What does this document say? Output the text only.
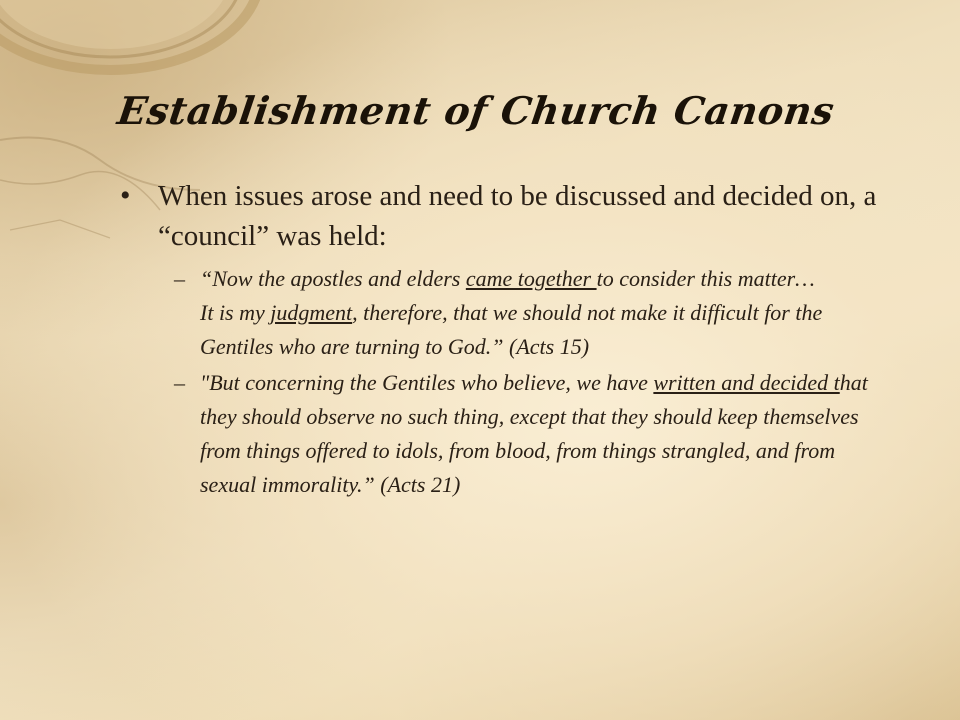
Establishment of Church Canons
• When issues arose and need to be discussed and decided on, a “council” was held:

– “Now the apostles and elders came together to consider this matter…
It is my judgment, therefore, that we should not make it difficult for the Gentiles who are turning to God.” (Acts 15)

– "But concerning the Gentiles who believe, we have written and decided that they should observe no such thing, except that they should keep themselves from things offered to idols, from blood, from things strangled, and from sexual immorality.” (Acts 21)
